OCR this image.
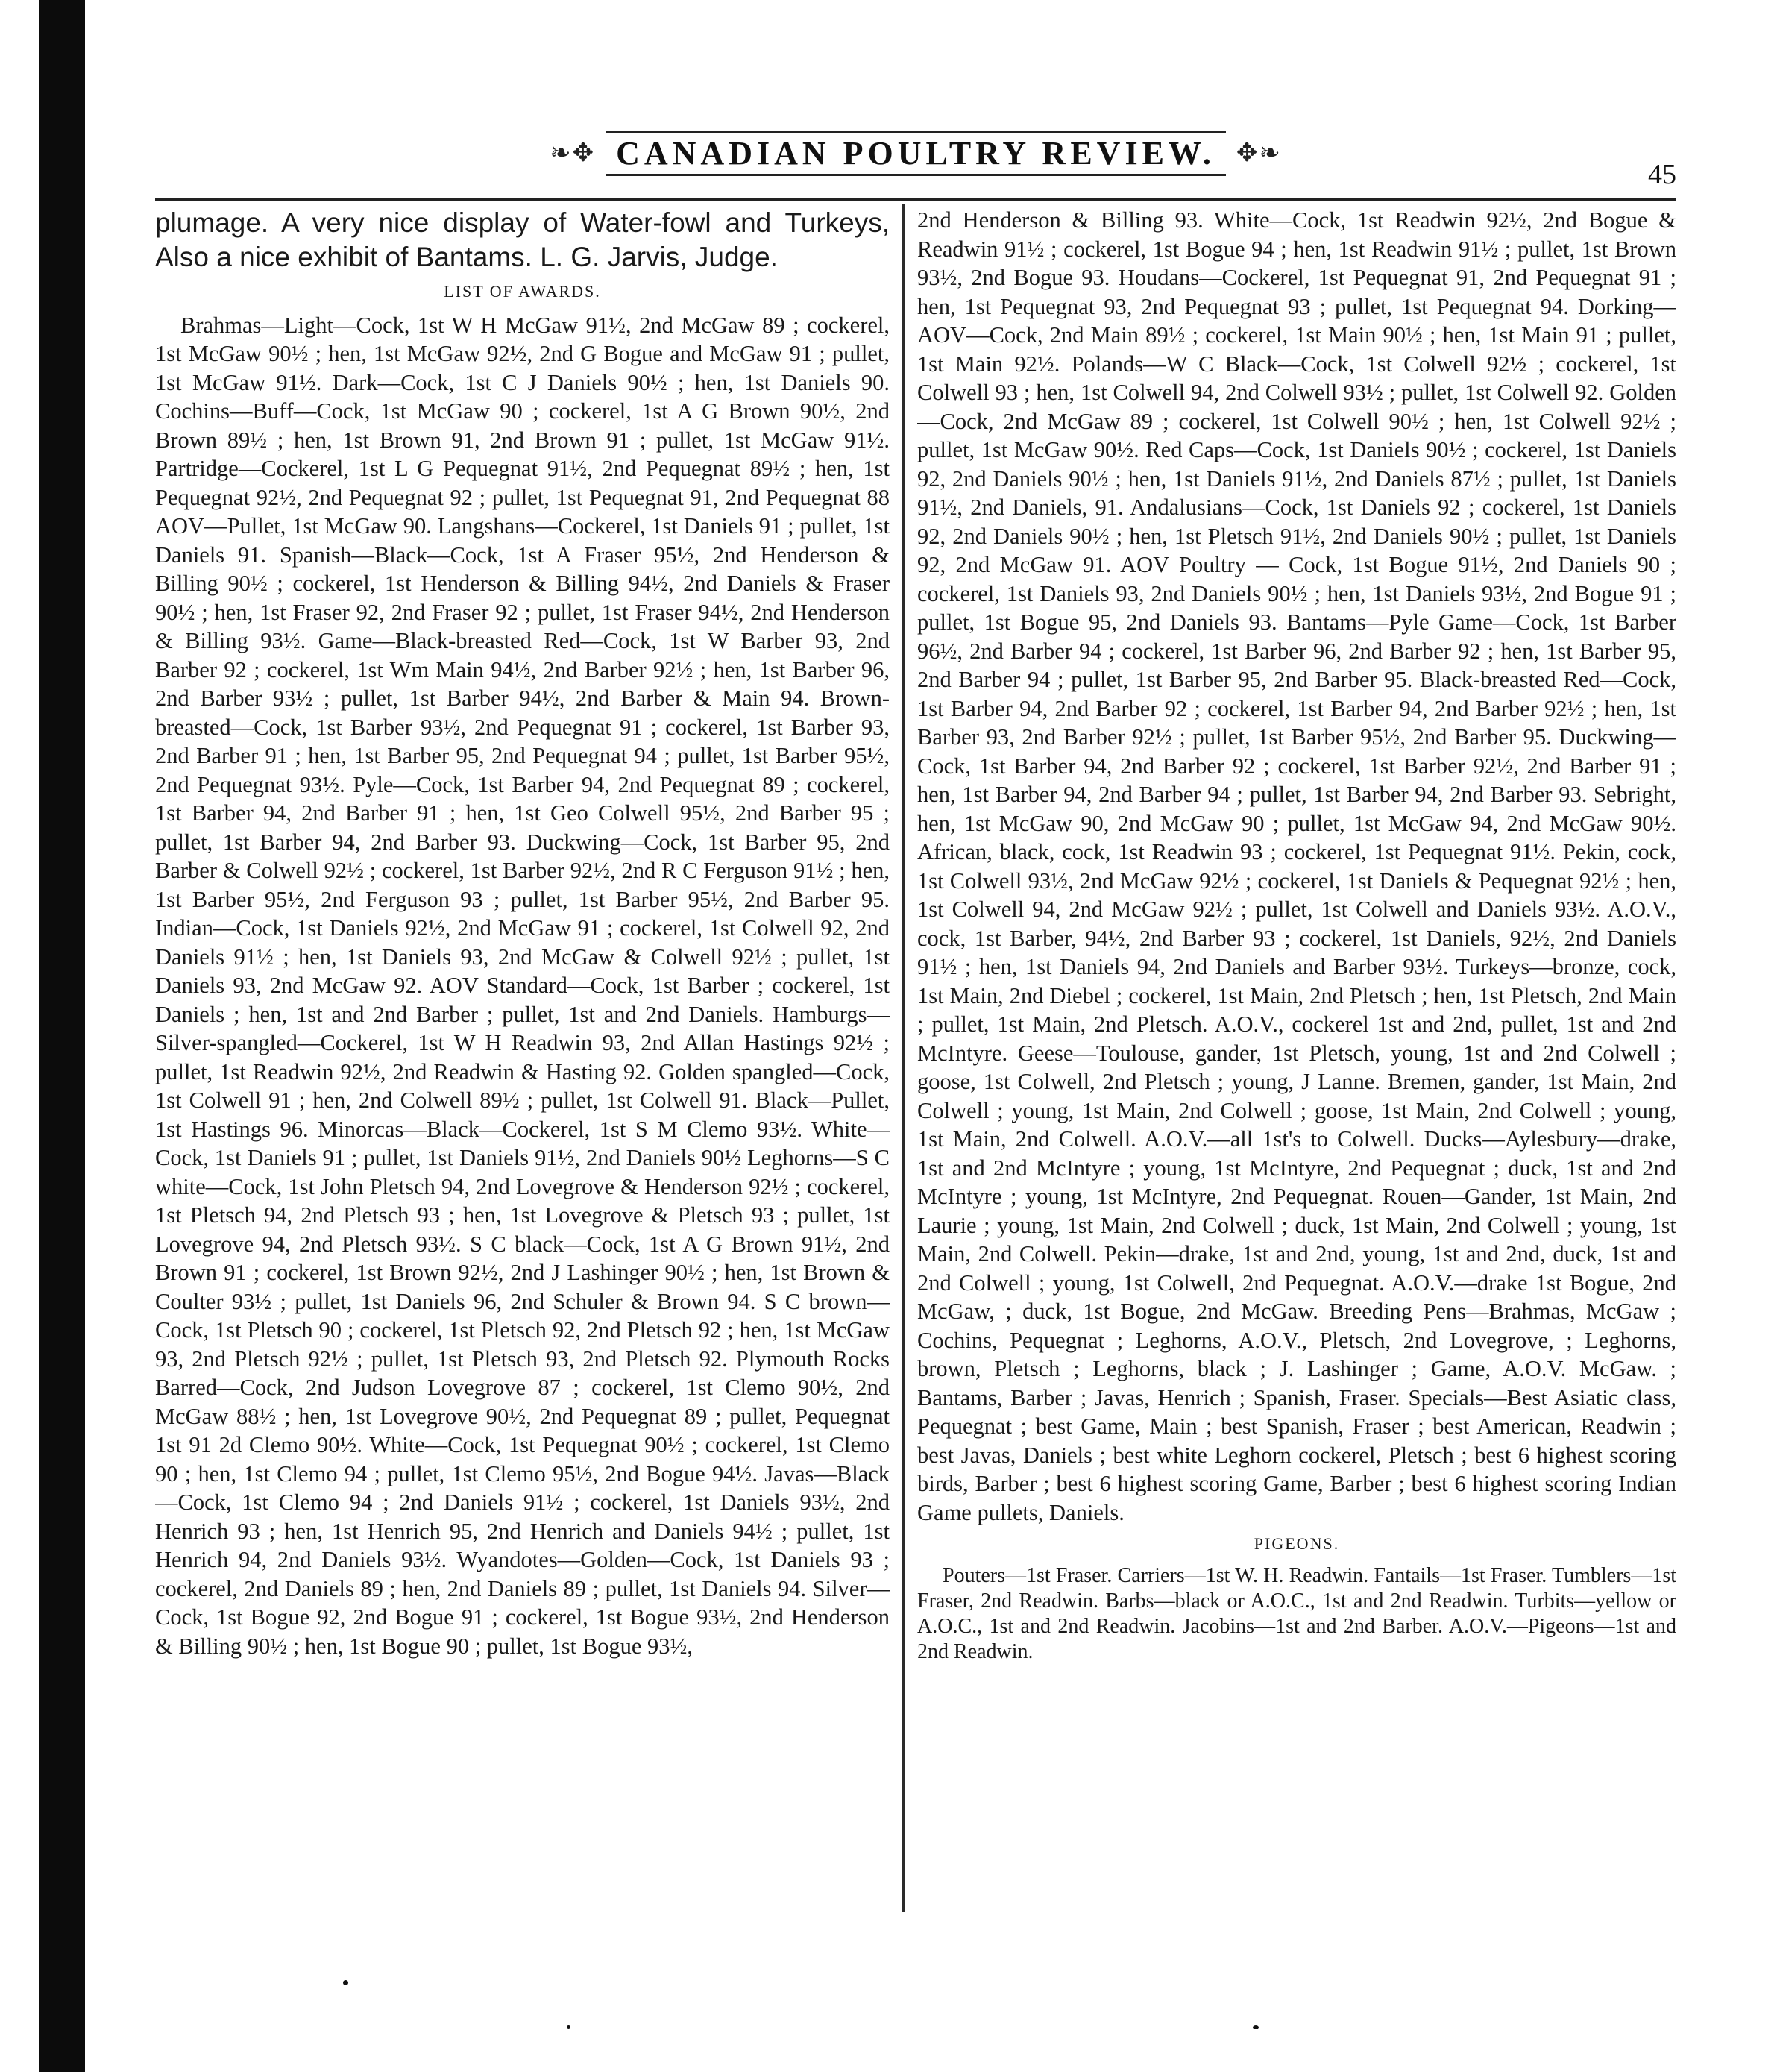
❧✥ CANADIAN POULTRY REVIEW. ✥❧
45
plumage. A very nice display of Water-fowl and Turkeys, Also a nice exhibit of Bantams. L. G. Jarvis, Judge.
LIST OF AWARDS.

Brahmas—Light—Cock, 1st W H McGaw 91½, 2nd McGaw 89 ; cockerel, 1st McGaw 90½ ; hen, 1st McGaw 92½, 2nd G Bogue and McGaw 91 ; pullet, 1st McGaw 91½. Dark—Cock, 1st C J Daniels 90½ ; hen, 1st Daniels 90. Cochins—Buff—Cock, 1st McGaw 90 ; cockerel, 1st A G Brown 90½, 2nd Brown 89½ ; hen, 1st Brown 91, 2nd Brown 91 ; pullet, 1st McGaw 91½. Partridge—Cockerel, 1st L G Pequegnat 91½, 2nd Pequegnat 89½ ; hen, 1st Pequegnat 92½, 2nd Pequegnat 92 ; pullet, 1st Pequegnat 91, 2nd Pequegnat 88 AOV—Pullet, 1st McGaw 90. Langshans—Cockerel, 1st Daniels 91 ; pullet, 1st Daniels 91. Spanish—Black—Cock, 1st A Fraser 95½, 2nd Henderson & Billing 90½ ; cockerel, 1st Henderson & Billing 94½, 2nd Daniels & Fraser 90½ ; hen, 1st Fraser 92, 2nd Fraser 92 ; pullet, 1st Fraser 94½, 2nd Henderson & Billing 93½. Game—Black-breasted Red—Cock, 1st W Barber 93, 2nd Barber 92 ; cockerel, 1st Wm Main 94½, 2nd Barber 92½ ; hen, 1st Barber 96, 2nd Barber 93½ ; pullet, 1st Barber 94½, 2nd Barber & Main 94. Brown-breasted—Cock, 1st Barber 93½, 2nd Pequegnat 91 ; cockerel, 1st Barber 93, 2nd Barber 91 ; hen, 1st Barber 95, 2nd Pequegnat 94 ; pullet, 1st Barber 95½, 2nd Pequegnat 93½. Pyle—Cock, 1st Barber 94, 2nd Pequegnat 89 ; cockerel, 1st Barber 94, 2nd Barber 91 ; hen, 1st Geo Colwell 95½, 2nd Barber 95 ; pullet, 1st Barber 94, 2nd Barber 93. Duckwing—Cock, 1st Barber 95, 2nd Barber & Colwell 92½ ; cockerel, 1st Barber 92½, 2nd R C Ferguson 91½ ; hen, 1st Barber 95½, 2nd Ferguson 93 ; pullet, 1st Barber 95½, 2nd Barber 95. Indian—Cock, 1st Daniels 92½, 2nd McGaw 91 ; cockerel, 1st Colwell 92, 2nd Daniels 91½ ; hen, 1st Daniels 93, 2nd McGaw & Colwell 92½ ; pullet, 1st Daniels 93, 2nd McGaw 92. AOV Standard—Cock, 1st Barber ; cockerel, 1st Daniels ; hen, 1st and 2nd Barber ; pullet, 1st and 2nd Daniels. Hamburgs—Silver-spangled—Cockerel, 1st W H Readwin 93, 2nd Allan Hastings 92½ ; pullet, 1st Readwin 92½, 2nd Readwin & Hasting 92. Golden spangled—Cock, 1st Colwell 91 ; hen, 2nd Colwell 89½ ; pullet, 1st Colwell 91. Black—Pullet, 1st Hastings 96. Minorcas—Black—Cockerel, 1st S M Clemo 93½. White—Cock, 1st Daniels 91 ; pullet, 1st Daniels 91½, 2nd Daniels 90½ Leghorns—S C white—Cock, 1st John Pletsch 94, 2nd Lovegrove & Henderson 92½ ; cockerel, 1st Pletsch 94, 2nd Pletsch 93 ; hen, 1st Lovegrove & Pletsch 93 ; pullet, 1st Lovegrove 94, 2nd Pletsch 93½. S C black—Cock, 1st A G Brown 91½, 2nd Brown 91 ; cockerel, 1st Brown 92½, 2nd J Lashinger 90½ ; hen, 1st Brown & Coulter 93½ ; pullet, 1st Daniels 96, 2nd Schuler & Brown 94. S C brown—Cock, 1st Pletsch 90 ; cockerel, 1st Pletsch 92, 2nd Pletsch 92 ; hen, 1st McGaw 93, 2nd Pletsch 92½ ; pullet, 1st Pletsch 93, 2nd Pletsch 92. Plymouth Rocks Barred—Cock, 2nd Judson Lovegrove 87 ; cockerel, 1st Clemo 90½, 2nd McGaw 88½ ; hen, 1st Lovegrove 90½, 2nd Pequegnat 89 ; pullet, Pequegnat 1st 91 2d Clemo 90½. White—Cock, 1st Pequegnat 90½ ; cockerel, 1st Clemo 90 ; hen, 1st Clemo 94 ; pullet, 1st Clemo 95½, 2nd Bogue 94½. Javas—Black—Cock, 1st Clemo 94 ; 2nd Daniels 91½ ; cockerel, 1st Daniels 93½, 2nd Henrich 93 ; hen, 1st Henrich 95, 2nd Henrich and Daniels 94½ ; pullet, 1st Henrich 94, 2nd Daniels 93½. Wyandotes—Golden—Cock, 1st Daniels 93 ; cockerel, 2nd Daniels 89 ; hen, 2nd Daniels 89 ; pullet, 1st Daniels 94. Silver—Cock, 1st Bogue 92, 2nd Bogue 91 ; cockerel, 1st Bogue 93½, 2nd Henderson & Billing 90½ ; hen, 1st Bogue 90 ; pullet, 1st Bogue 93½,

2nd Henderson & Billing 93. White—Cock, 1st Readwin 92½, 2nd Bogue & Readwin 91½ ; cockerel, 1st Bogue 94 ; hen, 1st Readwin 91½ ; pullet, 1st Brown 93½, 2nd Bogue 93. Houdans—Cockerel, 1st Pequegnat 91, 2nd Pequegnat 91 ; hen, 1st Pequegnat 93, 2nd Pequegnat 93 ; pullet, 1st Pequegnat 94. Dorking—AOV—Cock, 2nd Main 89½ ; cockerel, 1st Main 90½ ; hen, 1st Main 91 ; pullet, 1st Main 92½. Polands—W C Black—Cock, 1st Colwell 92½ ; cockerel, 1st Colwell 93 ; hen, 1st Colwell 94, 2nd Colwell 93½ ; pullet, 1st Colwell 92. Golden—Cock, 2nd McGaw 89 ; cockerel, 1st Colwell 90½ ; hen, 1st Colwell 92½ ; pullet, 1st McGaw 90½. Red Caps—Cock, 1st Daniels 90½ ; cockerel, 1st Daniels 92, 2nd Daniels 90½ ; hen, 1st Daniels 91½, 2nd Daniels 87½ ; pullet, 1st Daniels 91½, 2nd Daniels, 91. Andalusians—Cock, 1st Daniels 92 ; cockerel, 1st Daniels 92, 2nd Daniels 90½ ; hen, 1st Pletsch 91½, 2nd Daniels 90½ ; pullet, 1st Daniels 92, 2nd McGaw 91. AOV Poultry — Cock, 1st Bogue 91½, 2nd Daniels 90 ; cockerel, 1st Daniels 93, 2nd Daniels 90½ ; hen, 1st Daniels 93½, 2nd Bogue 91 ; pullet, 1st Bogue 95, 2nd Daniels 93. Bantams—Pyle Game—Cock, 1st Barber 96½, 2nd Barber 94 ; cockerel, 1st Barber 96, 2nd Barber 92 ; hen, 1st Barber 95, 2nd Barber 94 ; pullet, 1st Barber 95, 2nd Barber 95. Black-breasted Red—Cock, 1st Barber 94, 2nd Barber 92 ; cockerel, 1st Barber 94, 2nd Barber 92½ ; hen, 1st Barber 93, 2nd Barber 92½ ; pullet, 1st Barber 95½, 2nd Barber 95. Duckwing—Cock, 1st Barber 94, 2nd Barber 92 ; cockerel, 1st Barber 92½, 2nd Barber 91 ; hen, 1st Barber 94, 2nd Barber 94 ; pullet, 1st Barber 94, 2nd Barber 93. Sebright, hen, 1st McGaw 90, 2nd McGaw 90 ; pullet, 1st McGaw 94, 2nd McGaw 90½. African, black, cock, 1st Readwin 93 ; cockerel, 1st Pequegnat 91½. Pekin, cock, 1st Colwell 93½, 2nd McGaw 92½ ; cockerel, 1st Daniels & Pequegnat 92½ ; hen, 1st Colwell 94, 2nd McGaw 92½ ; pullet, 1st Colwell and Daniels 93½. A.O.V., cock, 1st Barber, 94½, 2nd Barber 93 ; cockerel, 1st Daniels, 92½, 2nd Daniels 91½ ; hen, 1st Daniels 94, 2nd Daniels and Barber 93½. Turkeys—bronze, cock, 1st Main, 2nd Diebel ; cockerel, 1st Main, 2nd Pletsch ; hen, 1st Pletsch, 2nd Main ; pullet, 1st Main, 2nd Pletsch. A.O.V., cockerel 1st and 2nd, pullet, 1st and 2nd McIntyre. Geese—Toulouse, gander, 1st Pletsch, young, 1st and 2nd Colwell ; goose, 1st Colwell, 2nd Pletsch ; young, J Lanne. Bremen, gander, 1st Main, 2nd Colwell ; young, 1st Main, 2nd Colwell ; goose, 1st Main, 2nd Colwell ; young, 1st Main, 2nd Colwell. A.O.V.—all 1st's to Colwell. Ducks—Aylesbury—drake, 1st and 2nd McIntyre ; young, 1st McIntyre, 2nd Pequegnat ; duck, 1st and 2nd McIntyre ; young, 1st McIntyre, 2nd Pequegnat. Rouen—Gander, 1st Main, 2nd Laurie ; young, 1st Main, 2nd Colwell ; duck, 1st Main, 2nd Colwell ; young, 1st Main, 2nd Colwell. Pekin—drake, 1st and 2nd, young, 1st and 2nd, duck, 1st and 2nd Colwell ; young, 1st Colwell, 2nd Pequegnat. A.O.V.—drake 1st Bogue, 2nd McGaw, ; duck, 1st Bogue, 2nd McGaw. Breeding Pens—Brahmas, McGaw ; Cochins, Pequegnat ; Leghorns, A.O.V., Pletsch, 2nd Lovegrove, ; Leghorns, brown, Pletsch ; Leghorns, black ; J. Lashinger ; Game, A.O.V. McGaw. ; Bantams, Barber ; Javas, Henrich ; Spanish, Fraser. Specials—Best Asiatic class, Pequegnat ; best Game, Main ; best Spanish, Fraser ; best American, Readwin ; best Javas, Daniels ; best white Leghorn cockerel, Pletsch ; best 6 highest scoring birds, Barber ; best 6 highest scoring Game, Barber ; best 6 highest scoring Indian Game pullets, Daniels.

PIGEONS.

Pouters—1st Fraser. Carriers—1st W. H. Readwin. Fantails—1st Fraser. Tumblers—1st Fraser, 2nd Readwin. Barbs—black or A.O.C., 1st and 2nd Readwin. Turbits—yellow or A.O.C., 1st and 2nd Readwin. Jacobins—1st and 2nd Barber. A.O.V.—Pigeons—1st and 2nd Readwin.
